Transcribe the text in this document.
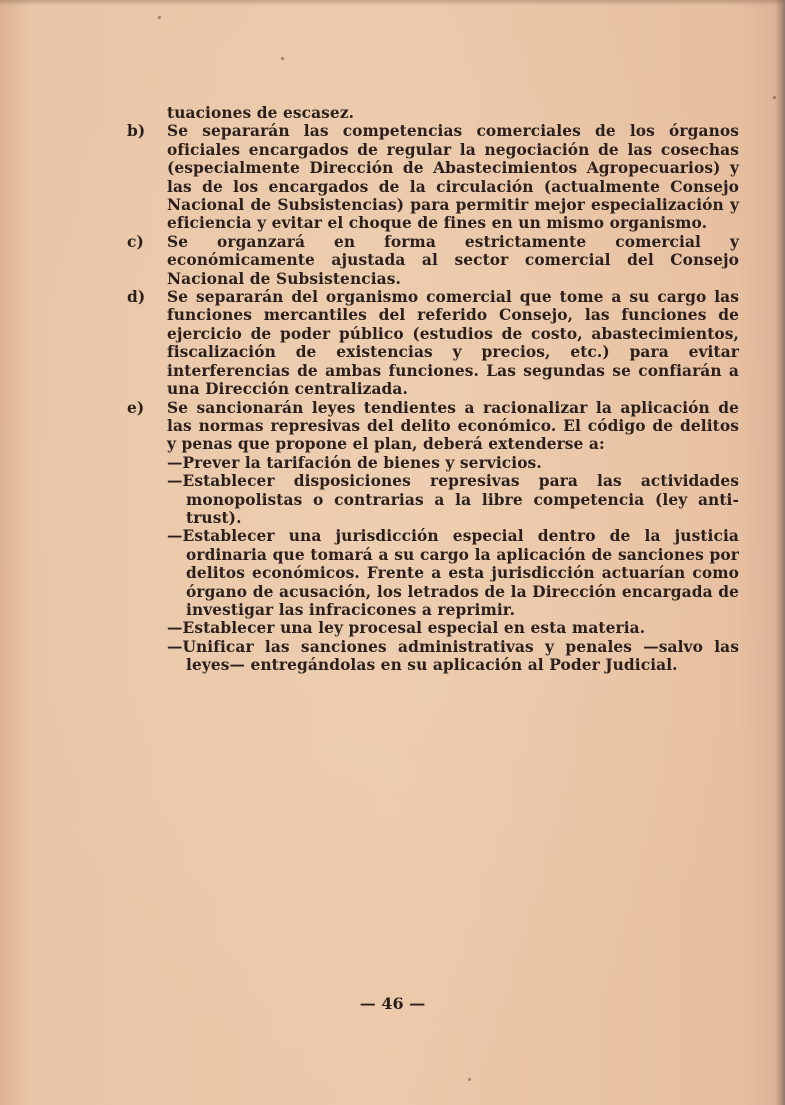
tuaciones de escasez.
b)	Se separarán las competencias comerciales de los órganos oficiales encargados de regular la negociación de las cosechas (especialmente Dirección de Abastecimientos Agropecuarios) y las de los encargados de la circulación (actualmente Consejo Nacional de Subsistencias) para permitir mejor especialización y eficiencia y evitar el choque de fines en un mismo organismo.
c)	Se organzará en forma estrictamente comercial y económicamente ajustada al sector comercial del Consejo Nacional de Subsistencias.
d)	Se separarán del organismo comercial que tome a su cargo las funciones mercantiles del referido Consejo, las funciones de ejercicio de poder público (estudios de costo, abastecimientos, fiscalización de existencias y precios, etc.) para evitar interferencias de ambas funciones. Las segundas se confiarán a una Dirección centralizada.
e)	Se sancionarán leyes tendientes a racionalizar la aplicación de las normas represivas del delito económico. El código de delitos y penas que propone el plan, deberá extenderse a:
—Prever la tarifación de bienes y servicios.
—Establecer disposiciones represivas para las actividades monopolistas o contrarias a la libre competencia (ley anti-trust).
—Establecer una jurisdicción especial dentro de la justicia ordinaria que tomará a su cargo la aplicación de sanciones por delitos económicos. Frente a esta jurisdicción actuarían como órgano de acusación, los letrados de la Dirección encargada de investigar las infracicones a reprimir.
—Establecer una ley procesal especial en esta materia.
—Unificar las sanciones administrativas y penales —salvo las leyes— entregándolas en su aplicación al Poder Judicial.
— 46 —
